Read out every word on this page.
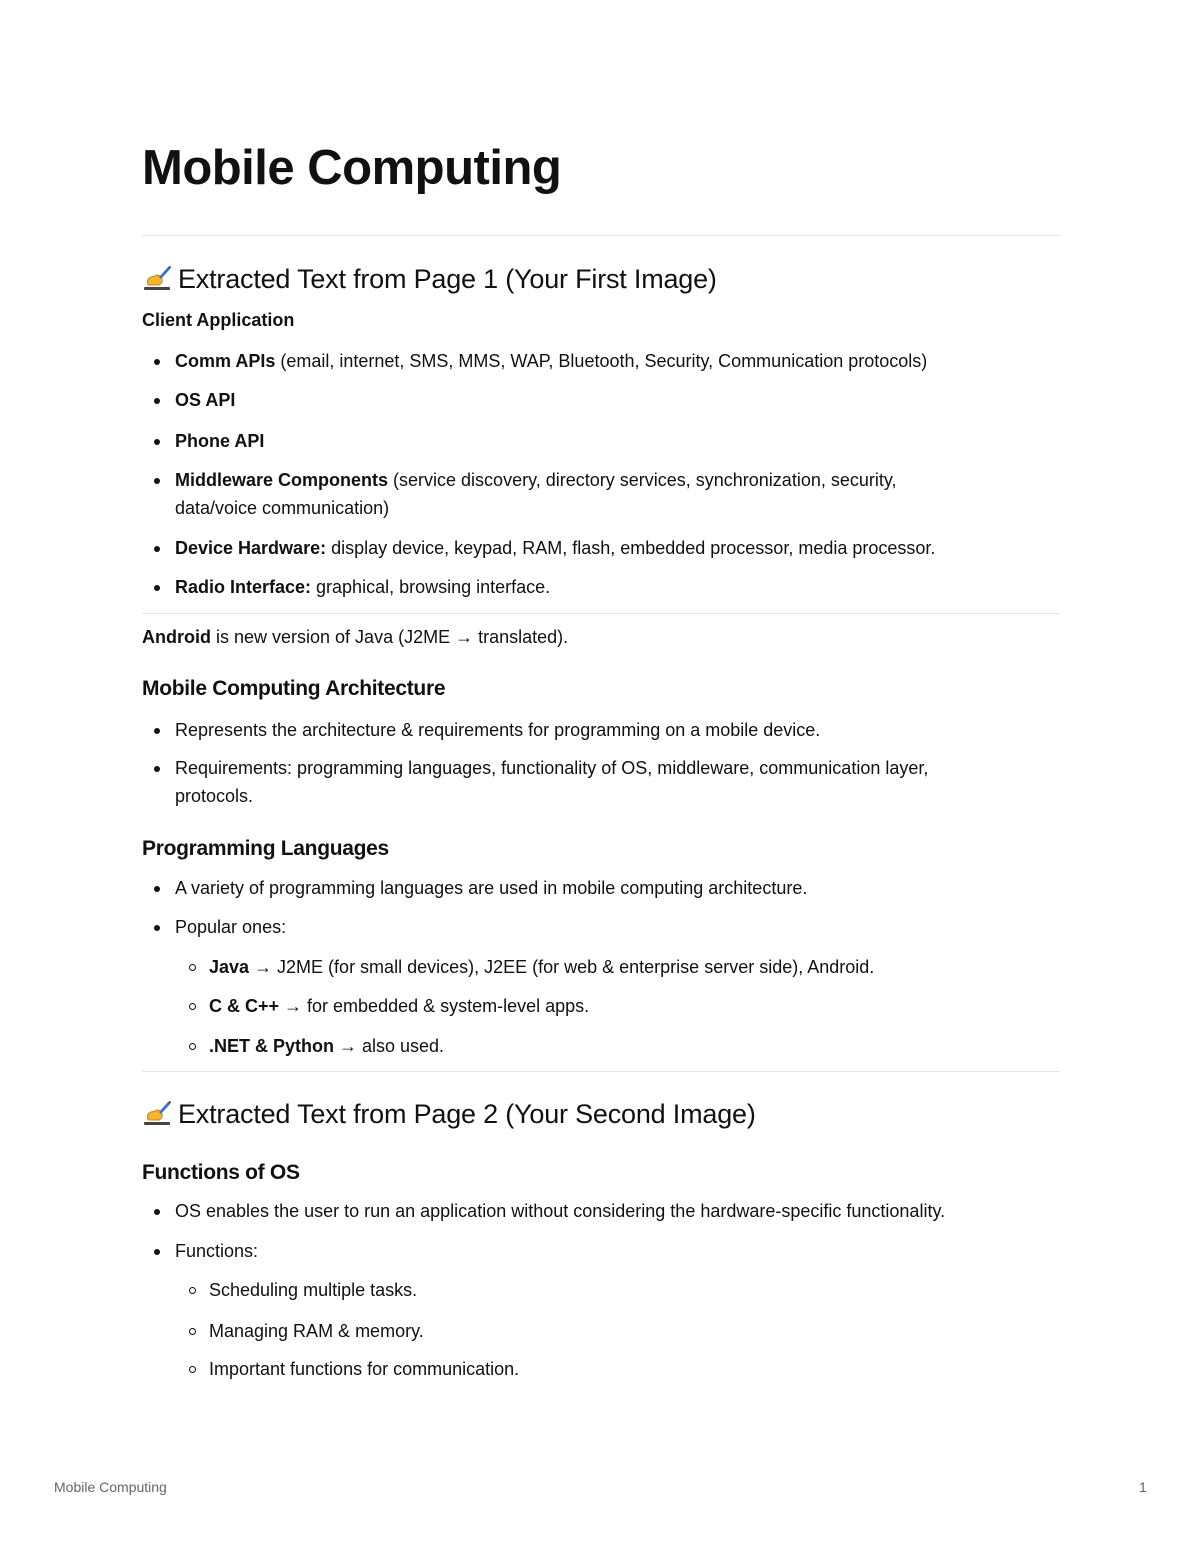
Mobile Computing
Extracted Text from Page 1 (Your First Image)
Client Application
Comm APIs (email, internet, SMS, MMS, WAP, Bluetooth, Security, Communication protocols)
OS API
Phone API
Middleware Components (service discovery, directory services, synchronization, security,
data/voice communication)
Device Hardware: display device, keypad, RAM, flash, embedded processor, media processor.
Radio Interface: graphical, browsing interface.
Android is new version of Java (J2ME → translated).
Mobile Computing Architecture
Represents the architecture & requirements for programming on a mobile device.
Requirements: programming languages, functionality of OS, middleware, communication layer,
protocols.
Programming Languages
A variety of programming languages are used in mobile computing architecture.
Popular ones:
Java → J2ME (for small devices), J2EE (for web & enterprise server side), Android.
C & C++ → for embedded & system-level apps.
.NET & Python → also used.
Extracted Text from Page 2 (Your Second Image)
Functions of OS
OS enables the user to run an application without considering the hardware-specific functionality.
Functions:
Scheduling multiple tasks.
Managing RAM & memory.
Important functions for communication.
Mobile Computing	1
